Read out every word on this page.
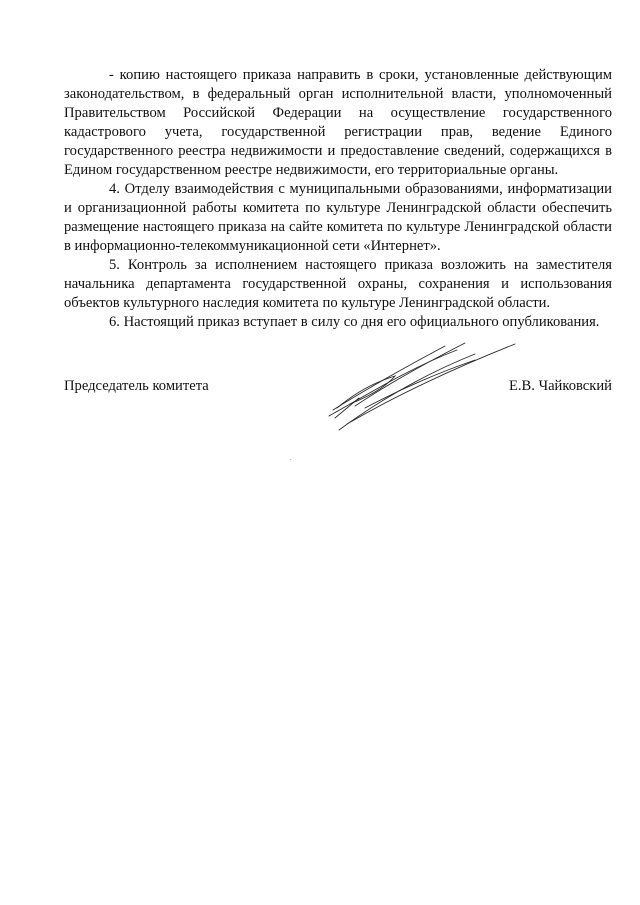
- копию настоящего приказа направить в сроки, установленные действующим законодательством, в федеральный орган исполнительной власти, уполномоченный Правительством Российской Федерации на осуществление государственного кадастрового учета, государственной регистрации прав, ведение Единого государственного реестра недвижимости и предоставление сведений, содержащихся в Едином государственном реестре недвижимости, его территориальные органы.

4. Отделу взаимодействия с муниципальными образованиями, информатизации и организационной работы комитета по культуре Ленинградской области обеспечить размещение настоящего приказа на сайте комитета по культуре Ленинградской области в информационно-телекоммуникационной сети «Интернет».

5. Контроль за исполнением настоящего приказа возложить на заместителя начальника департамента государственной охраны, сохранения и использования объектов культурного наследия комитета по культуре Ленинградской области.

6. Настоящий приказ вступает в силу со дня его официального опубликования.

Председатель комитета	Е.В. Чайковский
